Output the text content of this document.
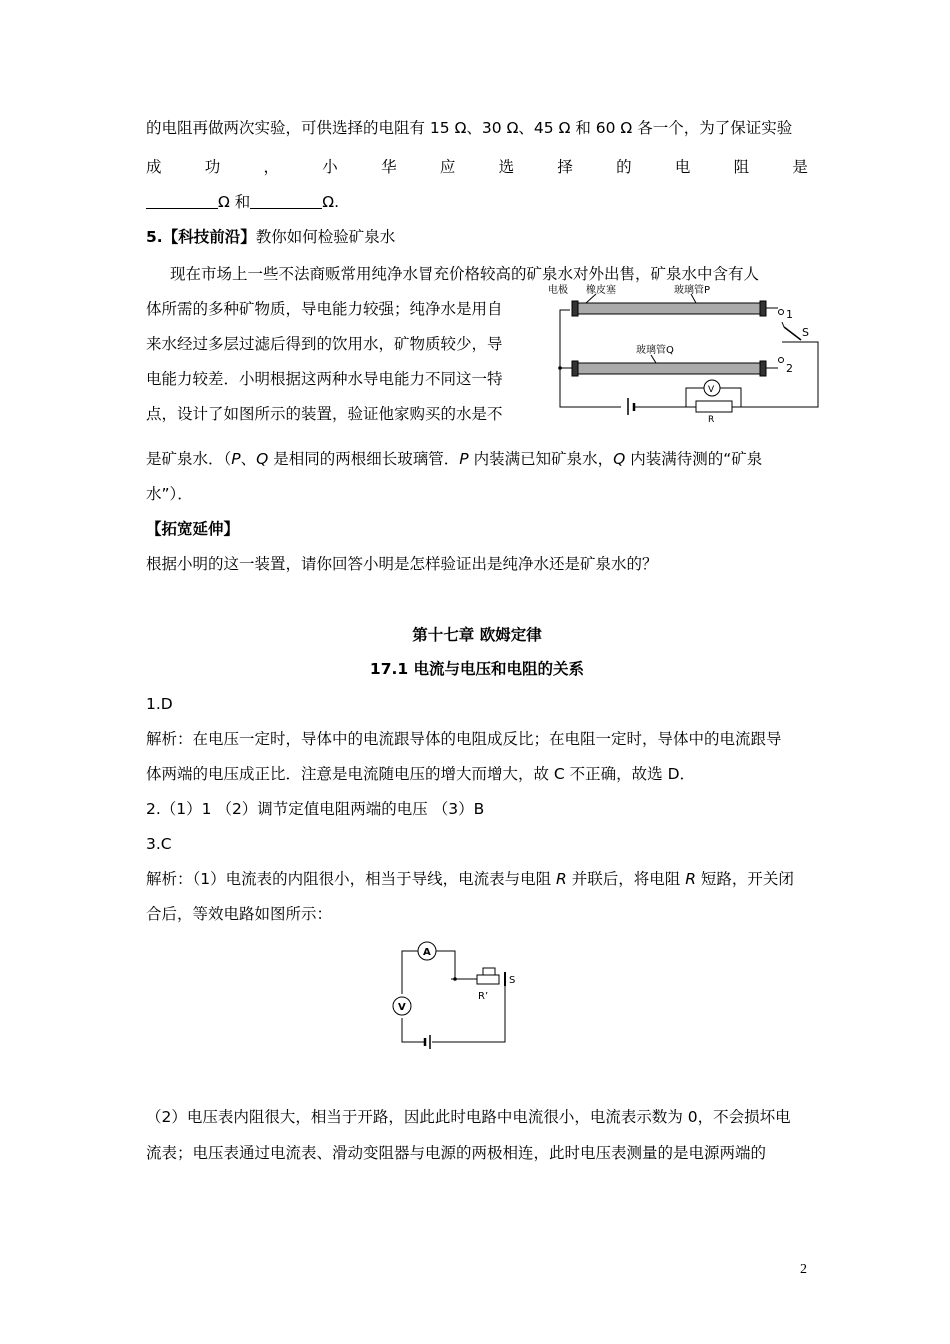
的电阻再做两次实验，可供选择的电阻有 15 Ω、30 Ω、45 Ω 和 60 Ω 各一个，为了保证实验
成	功	，	小	华	应	选	择	的	电	阻	是
Ω 和	Ω.
5.【科技前沿】教你如何检验矿泉水
现在市场上一些不法商贩常用纯净水冒充价格较高的矿泉水对外出售，矿泉水中含有人
体所需的多种矿物质，导电能力较强；纯净水是用自
来水经过多层过滤后得到的饮用水，矿物质较少，导
电能力较差．小明根据这两种水导电能力不同这一特
点，设计了如图所示的装置，验证他家购买的水是不
是矿泉水．（P、Q 是相同的两根细长玻璃管．P 内装满已知矿泉水，Q 内装满待测的“矿泉
水”）．
【拓宽延伸】
根据小明的这一装置，请你回答小明是怎样验证出是纯净水还是矿泉水的？
电极 橡皮塞	玻璃管P
玻璃管Q
1
2
S
V
R
第十七章 欧姆定律
17.1 电流与电压和电阻的关系
1.D
解析：在电压一定时，导体中的电流跟导体的电阻成反比；在电阻一定时，导体中的电流跟导
体两端的电压成正比．注意是电流随电压的增大而增大，故 C 不正确，故选 D．
2.（1）1 （2）调节定值电阻两端的电压 （3）B
3.C
解析：（1）电流表的内阻很小，相当于导线，电流表与电阻 R 并联后，将电阻 R 短路，开关闭
合后，等效电路如图所示：
A
V
R’
S
（2）电压表内阻很大，相当于开路，因此此时电路中电流很小，电流表示数为 0，不会损坏电
流表；电压表通过电流表、滑动变阻器与电源的两极相连，此时电压表测量的是电源两端的
2
